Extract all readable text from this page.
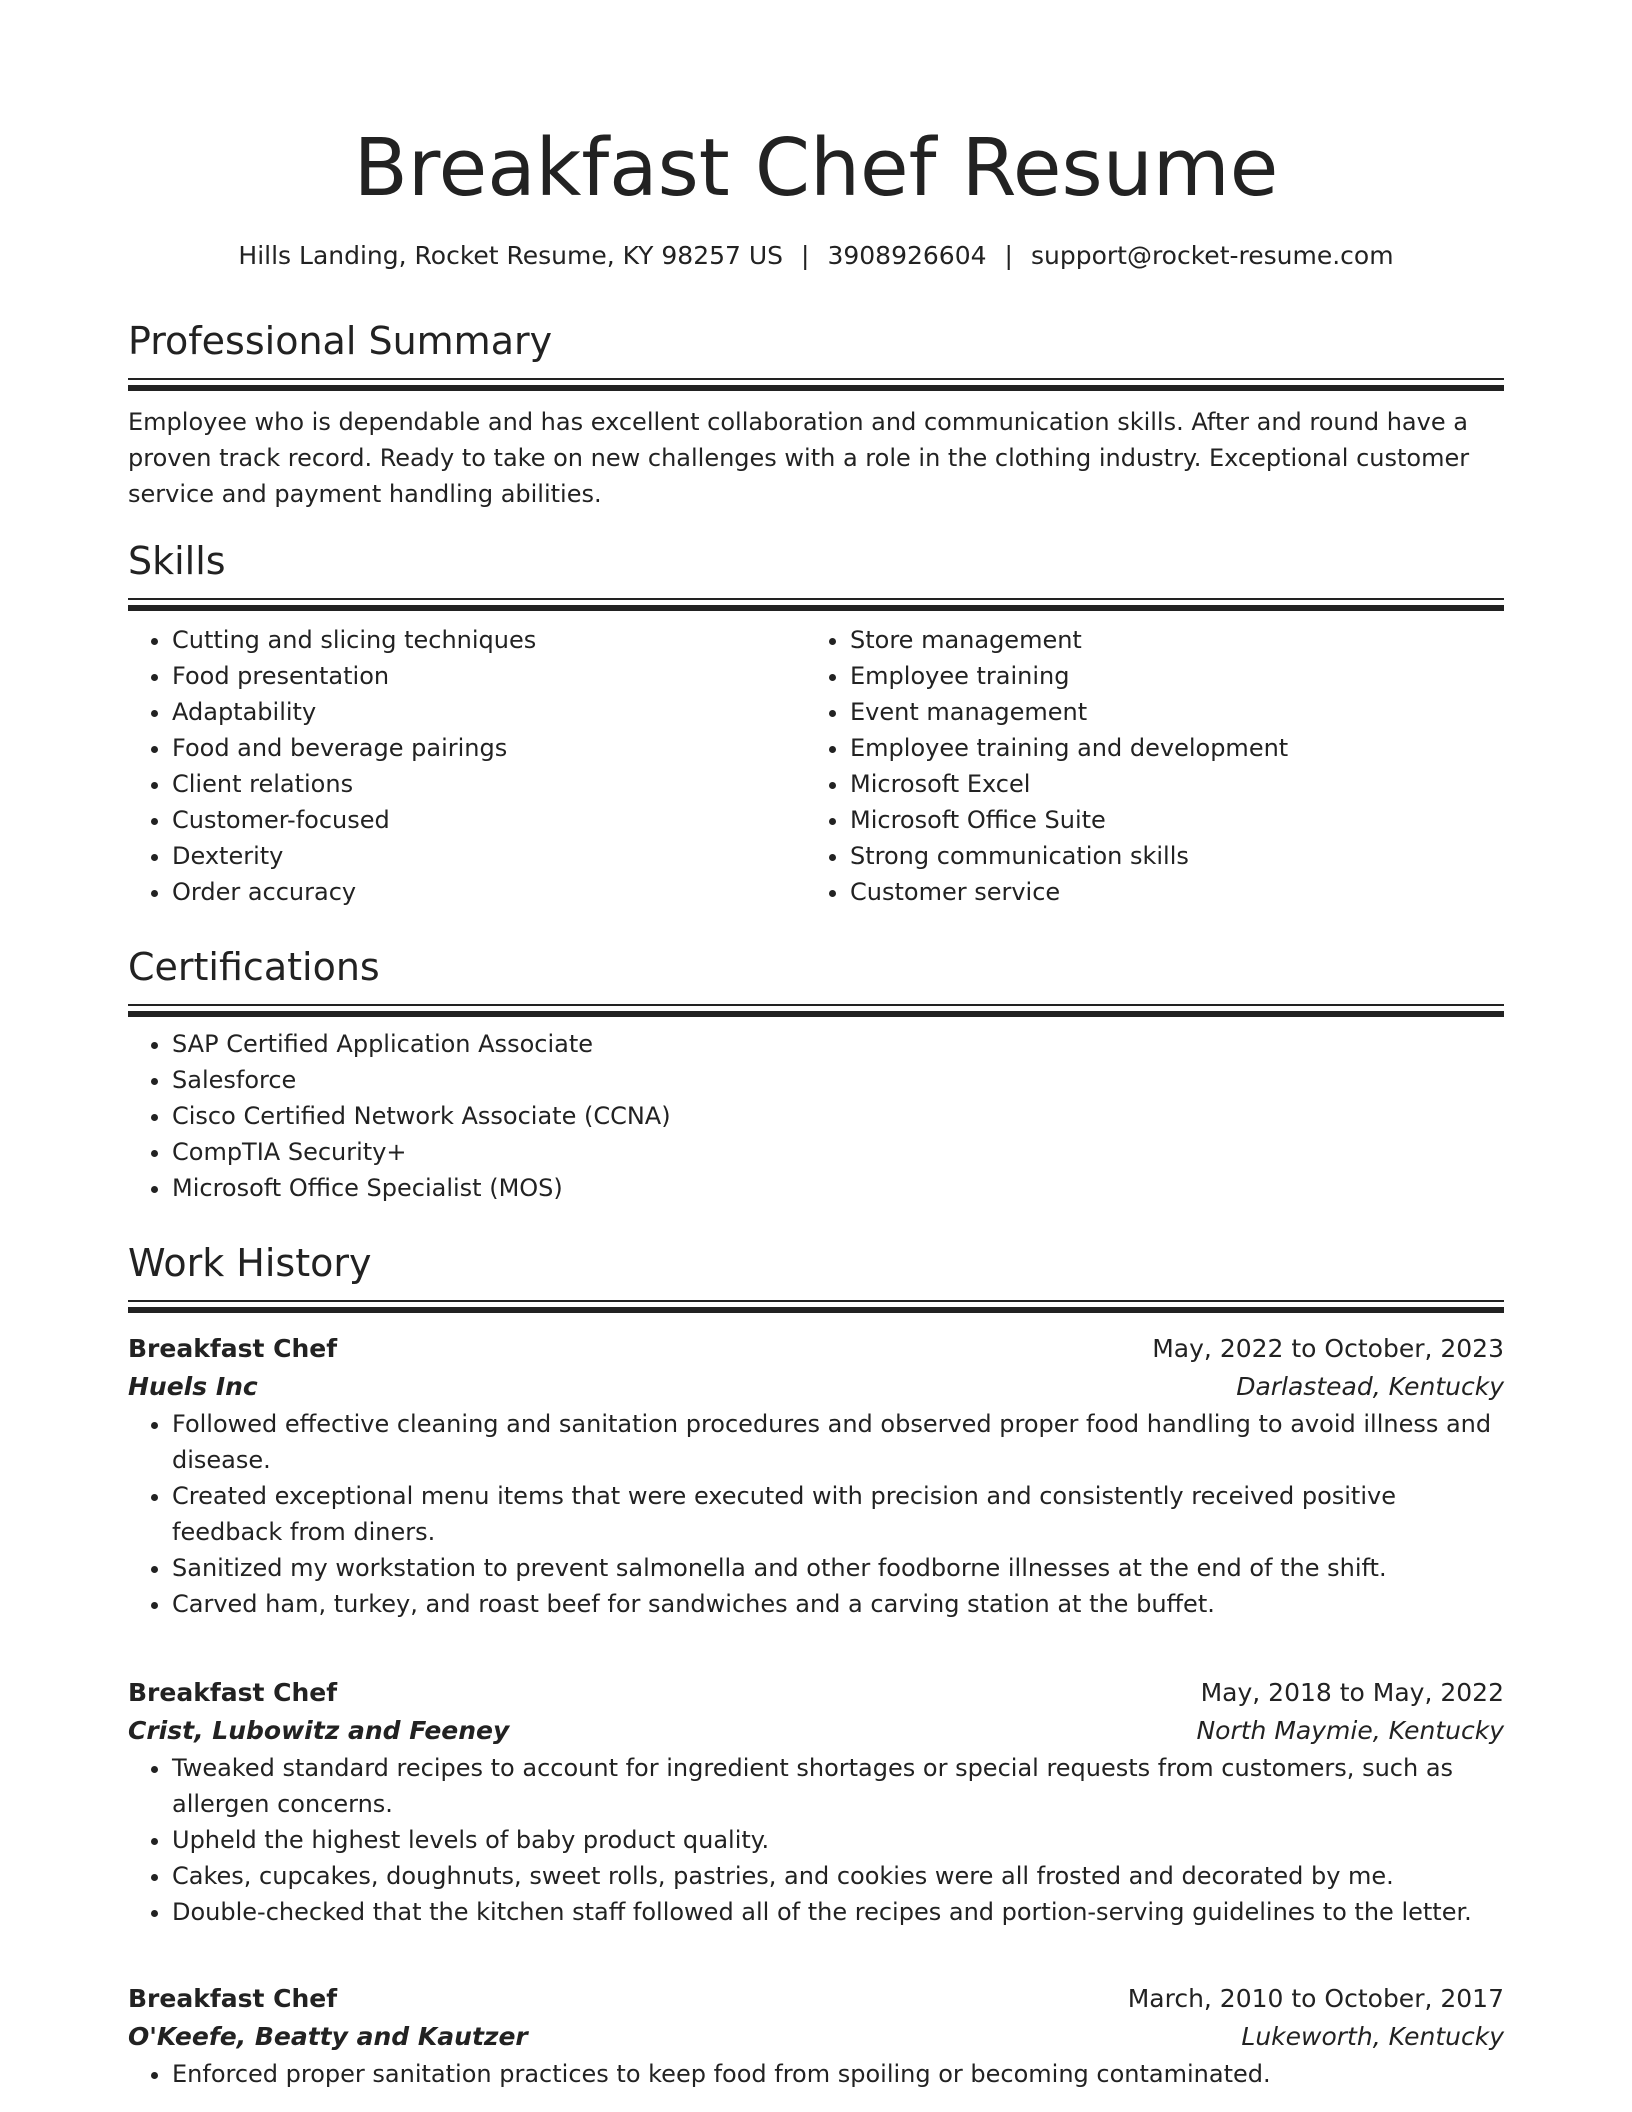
Breakfast Chef Resume
Hills Landing, Rocket Resume, KY 98257 US | 3908926604 | support@rocket-resume.com
Professional Summary

Employee who is dependable and has excellent collaboration and communication skills. After and round have a proven track record. Ready to take on new challenges with a role in the clothing industry. Exceptional customer service and payment handling abilities.

Skills
• Cutting and slicing techniques
• Food presentation
• Adaptability
• Food and beverage pairings
• Client relations
• Customer-focused
• Dexterity
• Order accuracy
• Store management
• Employee training
• Event management
• Employee training and development
• Microsoft Excel
• Microsoft Office Suite
• Strong communication skills
• Customer service
Certifications
• SAP Certified Application Associate
• Salesforce
• Cisco Certified Network Associate (CCNA)
• CompTIA Security+
• Microsoft Office Specialist (MOS)
Work History
Breakfast Chef	May, 2022 to October, 2023
Huels Inc	Darlastead, Kentucky
• Followed effective cleaning and sanitation procedures and observed proper food handling to avoid illness and disease.
• Created exceptional menu items that were executed with precision and consistently received positive feedback from diners.
• Sanitized my workstation to prevent salmonella and other foodborne illnesses at the end of the shift.
• Carved ham, turkey, and roast beef for sandwiches and a carving station at the buffet.
Breakfast Chef	May, 2018 to May, 2022
Crist, Lubowitz and Feeney	North Maymie, Kentucky
• Tweaked standard recipes to account for ingredient shortages or special requests from customers, such as allergen concerns.
• Upheld the highest levels of baby product quality.
• Cakes, cupcakes, doughnuts, sweet rolls, pastries, and cookies were all frosted and decorated by me.
• Double-checked that the kitchen staff followed all of the recipes and portion-serving guidelines to the letter.
Breakfast Chef	March, 2010 to October, 2017
O'Keefe, Beatty and Kautzer	Lukeworth, Kentucky
• Enforced proper sanitation practices to keep food from spoiling or becoming contaminated.
